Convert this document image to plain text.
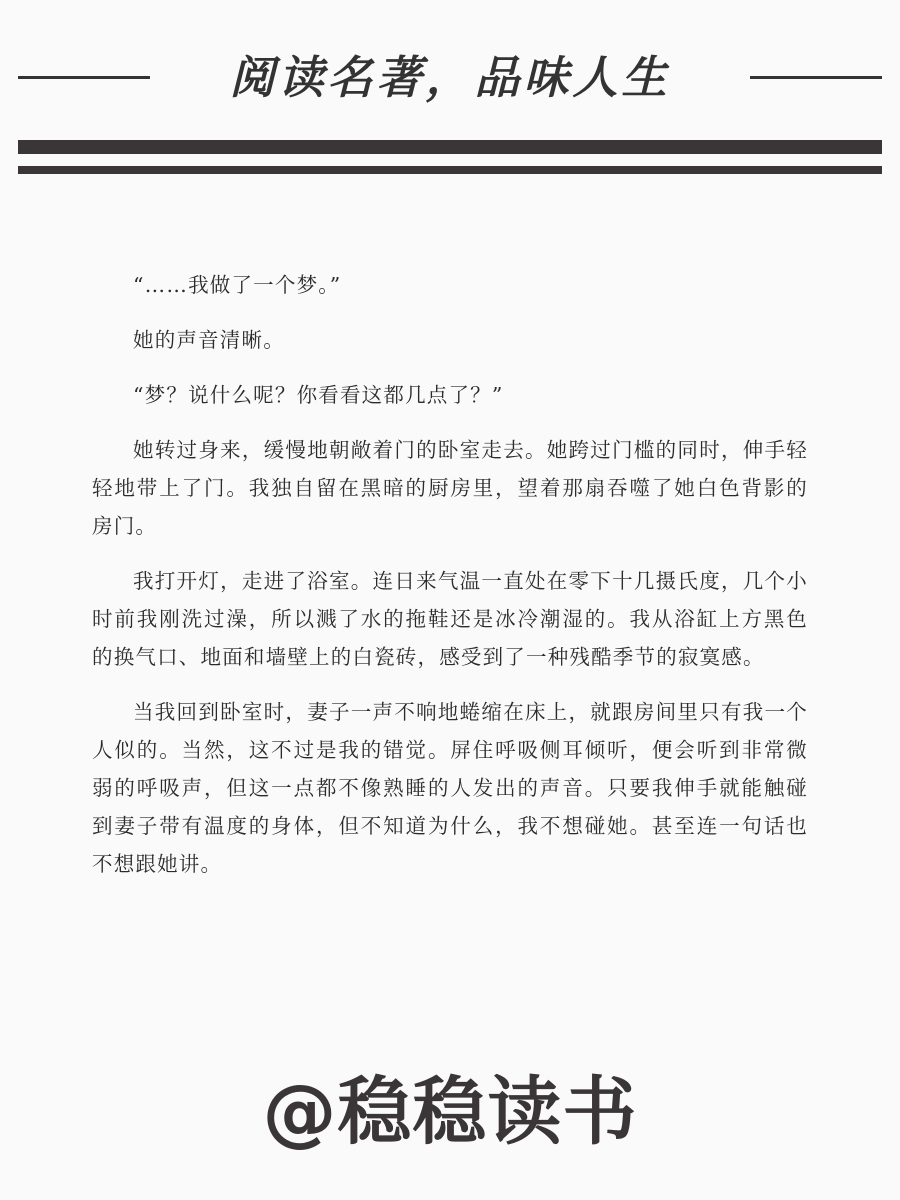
阅读名著，品味人生

“……我做了一个梦。”

她的声音清晰。

“梦？说什么呢？你看看这都几点了？”

她转过身来，缓慢地朝敞着门的卧室走去。她跨过门槛的同时，伸手轻轻地带上了门。我独自留在黑暗的厨房里，望着那扇吞噬了她白色背影的房门。

我打开灯，走进了浴室。连日来气温一直处在零下十几摄氏度，几个小时前我刚洗过澡，所以溅了水的拖鞋还是冰冷潮湿的。我从浴缸上方黑色的换气口、地面和墙壁上的白瓷砖，感受到了一种残酷季节的寂寞感。

当我回到卧室时，妻子一声不响地蜷缩在床上，就跟房间里只有我一个人似的。当然，这不过是我的错觉。屏住呼吸侧耳倾听，便会听到非常微弱的呼吸声，但这一点都不像熟睡的人发出的声音。只要我伸手就能触碰到妻子带有温度的身体，但不知道为什么，我不想碰她。甚至连一句话也不想跟她讲。

@稳稳读书
